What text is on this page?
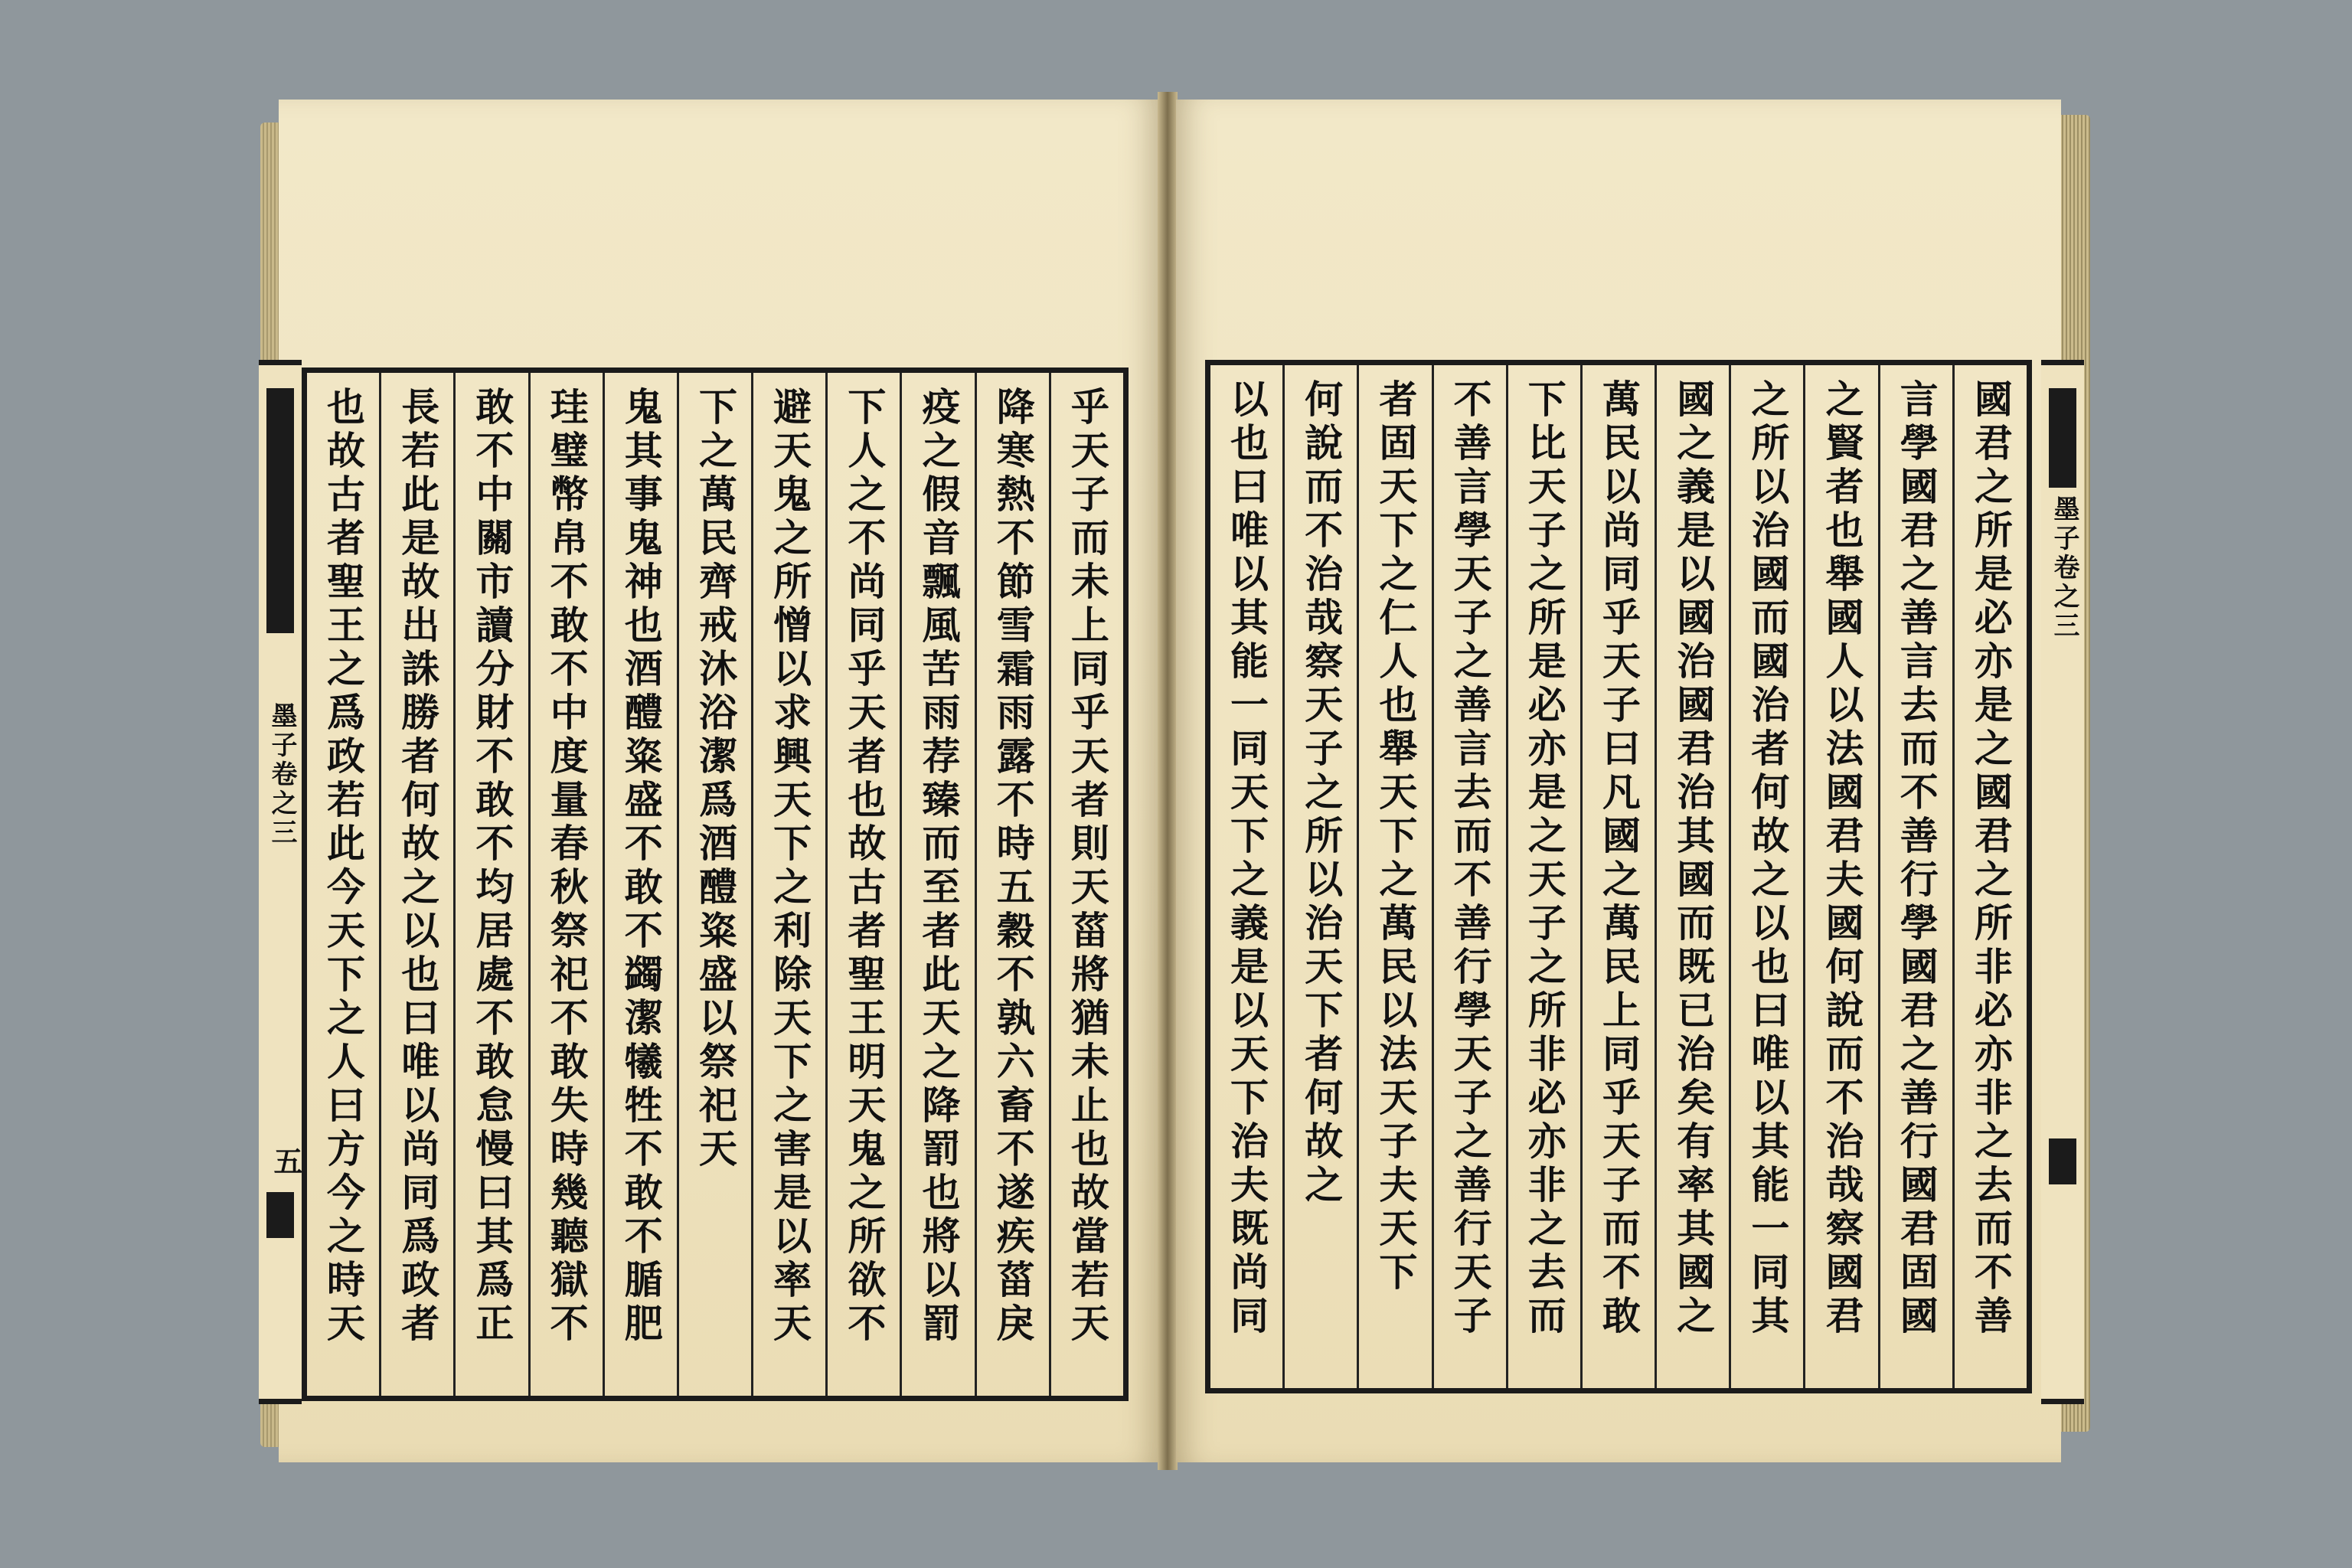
墨子卷之三
五	乎天子而未上同乎天者則天菑將猶未止也故當若天
降寒熱不節雪霜雨露不時五穀不孰六畜不遂疾菑戾
疫之假音飄風苦雨荐臻而至者此天之降罰也將以罰
下人之不尚同乎天者也故古者聖王明天鬼之所欲不
避天鬼之所憎以求興天下之利除天下之害是以率天
下之萬民齊戒沐浴潔爲酒醴粢盛以祭祀天
鬼其事鬼神也酒醴粢盛不敢不蠲潔犧牲不敢不腯肥
珪璧幣帛不敢不中度量春秋祭祀不敢失時幾聽獄不
敢不中關市讀分財不敢不均居處不敢怠慢曰其爲正
長若此是故出誅勝者何故之以也曰唯以尚同爲政者
也故古者聖王之爲政若此今天下之人曰方今之時天	墨子卷之三
國君之所是必亦是之國君之所非必亦非之去而不善
言學國君之善言去而不善行學國君之善行國君固國
之賢者也舉國人以法國君夫國何說而不治哉察國君
之所以治國而國治者何故之以也曰唯以其能一同其
國之義是以國治國君治其國而既已治矣有率其國之
萬民以尚同乎天子曰凡國之萬民上同乎天子而不敢
下比天子之所是必亦是之天子之所非必亦非之去而
不善言學天子之善言去而不善行學天子之善行天子
者固天下之仁人也舉天下之萬民以法天子夫天下
何說而不治哉察天子之所以治天下者何故之
以也曰唯以其能一同天下之義是以天下治夫既尚同
